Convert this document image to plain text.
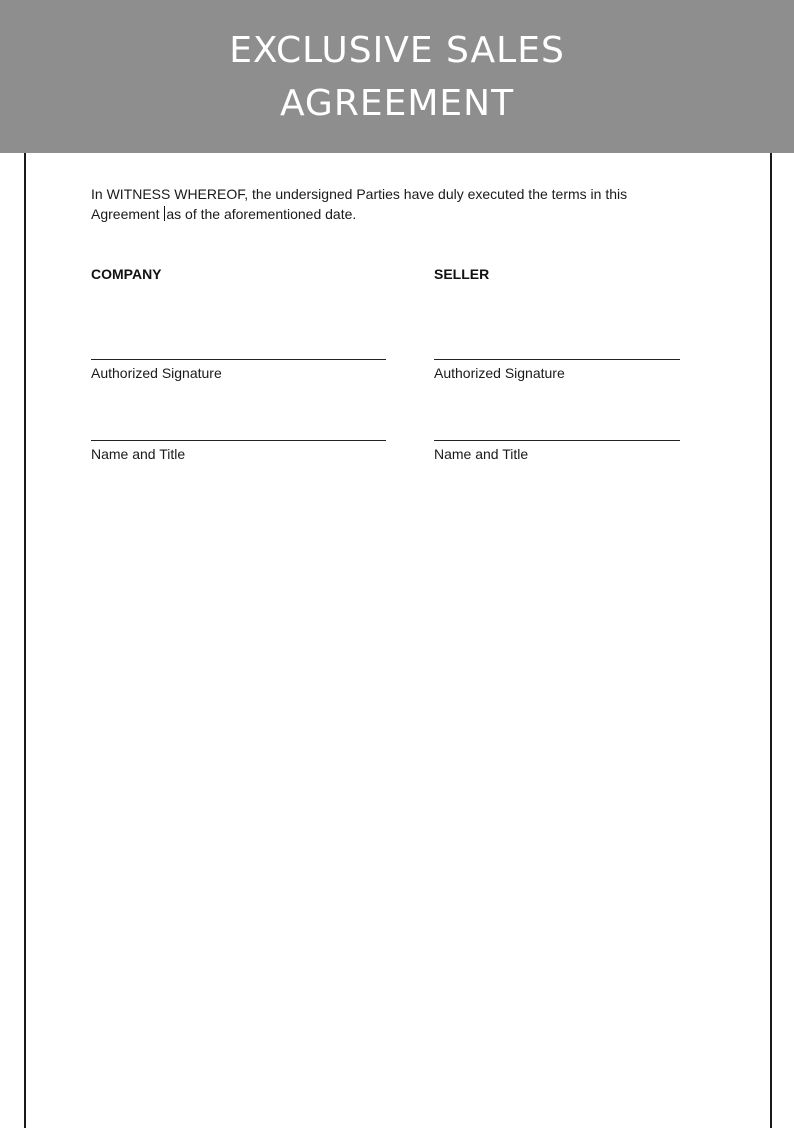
EXCLUSIVE SALES
AGREEMENT
In WITNESS WHEREOF, the undersigned Parties have duly executed the terms in this
Agreement as of the aforementioned date.
COMPANY
Authorized Signature
Name and Title
SELLER
Authorized Signature
Name and Title
